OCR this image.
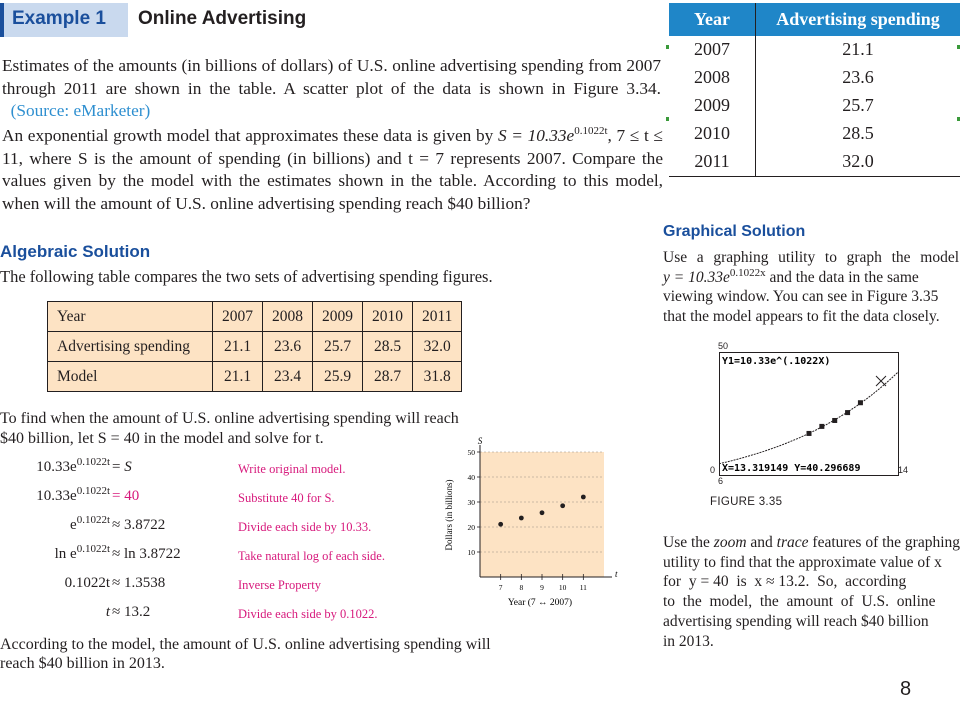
Example 1 Online Advertising
Estimates of the amounts (in billions of dollars) of U.S. online advertising spending from 2007 through 2011 are shown in the table. A scatter plot of the data is shown in Figure 3.34.   (Source: eMarketer)
An exponential growth model that approximates these data is given by $S = 10.33e^{0.1022t}$, 7 ≤ t ≤ 11, where S is the amount of spending (in billions) and t = 7 represents 2007. Compare the values given by the model with the estimates shown in the table. According to this model, when will the amount of U.S. online advertising spending reach $40 billion?
Year	Advertising spending
2007	21.1
2008	23.6
2009	25.7
2010	28.5
2011	32.0
Algebraic Solution
The following table compares the two sets of advertising spending figures.
Year	2007	2008	2009	2010	2011
Advertising spending	21.1	23.6	25.7	28.5	32.0
Model	21.1	23.4	25.9	28.7	31.8
To find when the amount of U.S. online advertising spending will reach
$40 billion, let S = 40 in the model and solve for t.
$10.33e^{0.1022t} = S$	Write original model.
$10.33e^{0.1022t} = 40$	Substitute 40 for S.
$e^{0.1022t} \approx 3.8722$	Divide each side by 10.33.
$\ln e^{0.1022t} \approx \ln 3.8722$	Take natural log of each side.
0.1022t ≈ 1.3538	Inverse Property
t ≈ 13.2	Divide each side by 0.1022.
According to the model, the amount of U.S. online advertising spending will
reach $40 billion in 2013.
S
t
10
20
30
40
50
7 8 9 10 11
Dollars (in billions)
Year (7 ↔ 2007)
Graphical Solution
Use a graphing utility to graph the model
$y = 10.33e^{0.1022x}$ and the data in the same
viewing window. You can see in Figure 3.35
that the model appears to fit the data closely.
50
0	14
6
Y1=10.33e^(.1022X)
X=13.319149 Y=40.296689
FIGURE 3.35
Use the zoom and trace features of the graphing
utility to find that the approximate value of x
for  y = 40  is  x ≈ 13.2.  So,  according
to  the  model,  the  amount  of  U.S.  online
advertising spending will reach $40 billion
in 2013.
8
